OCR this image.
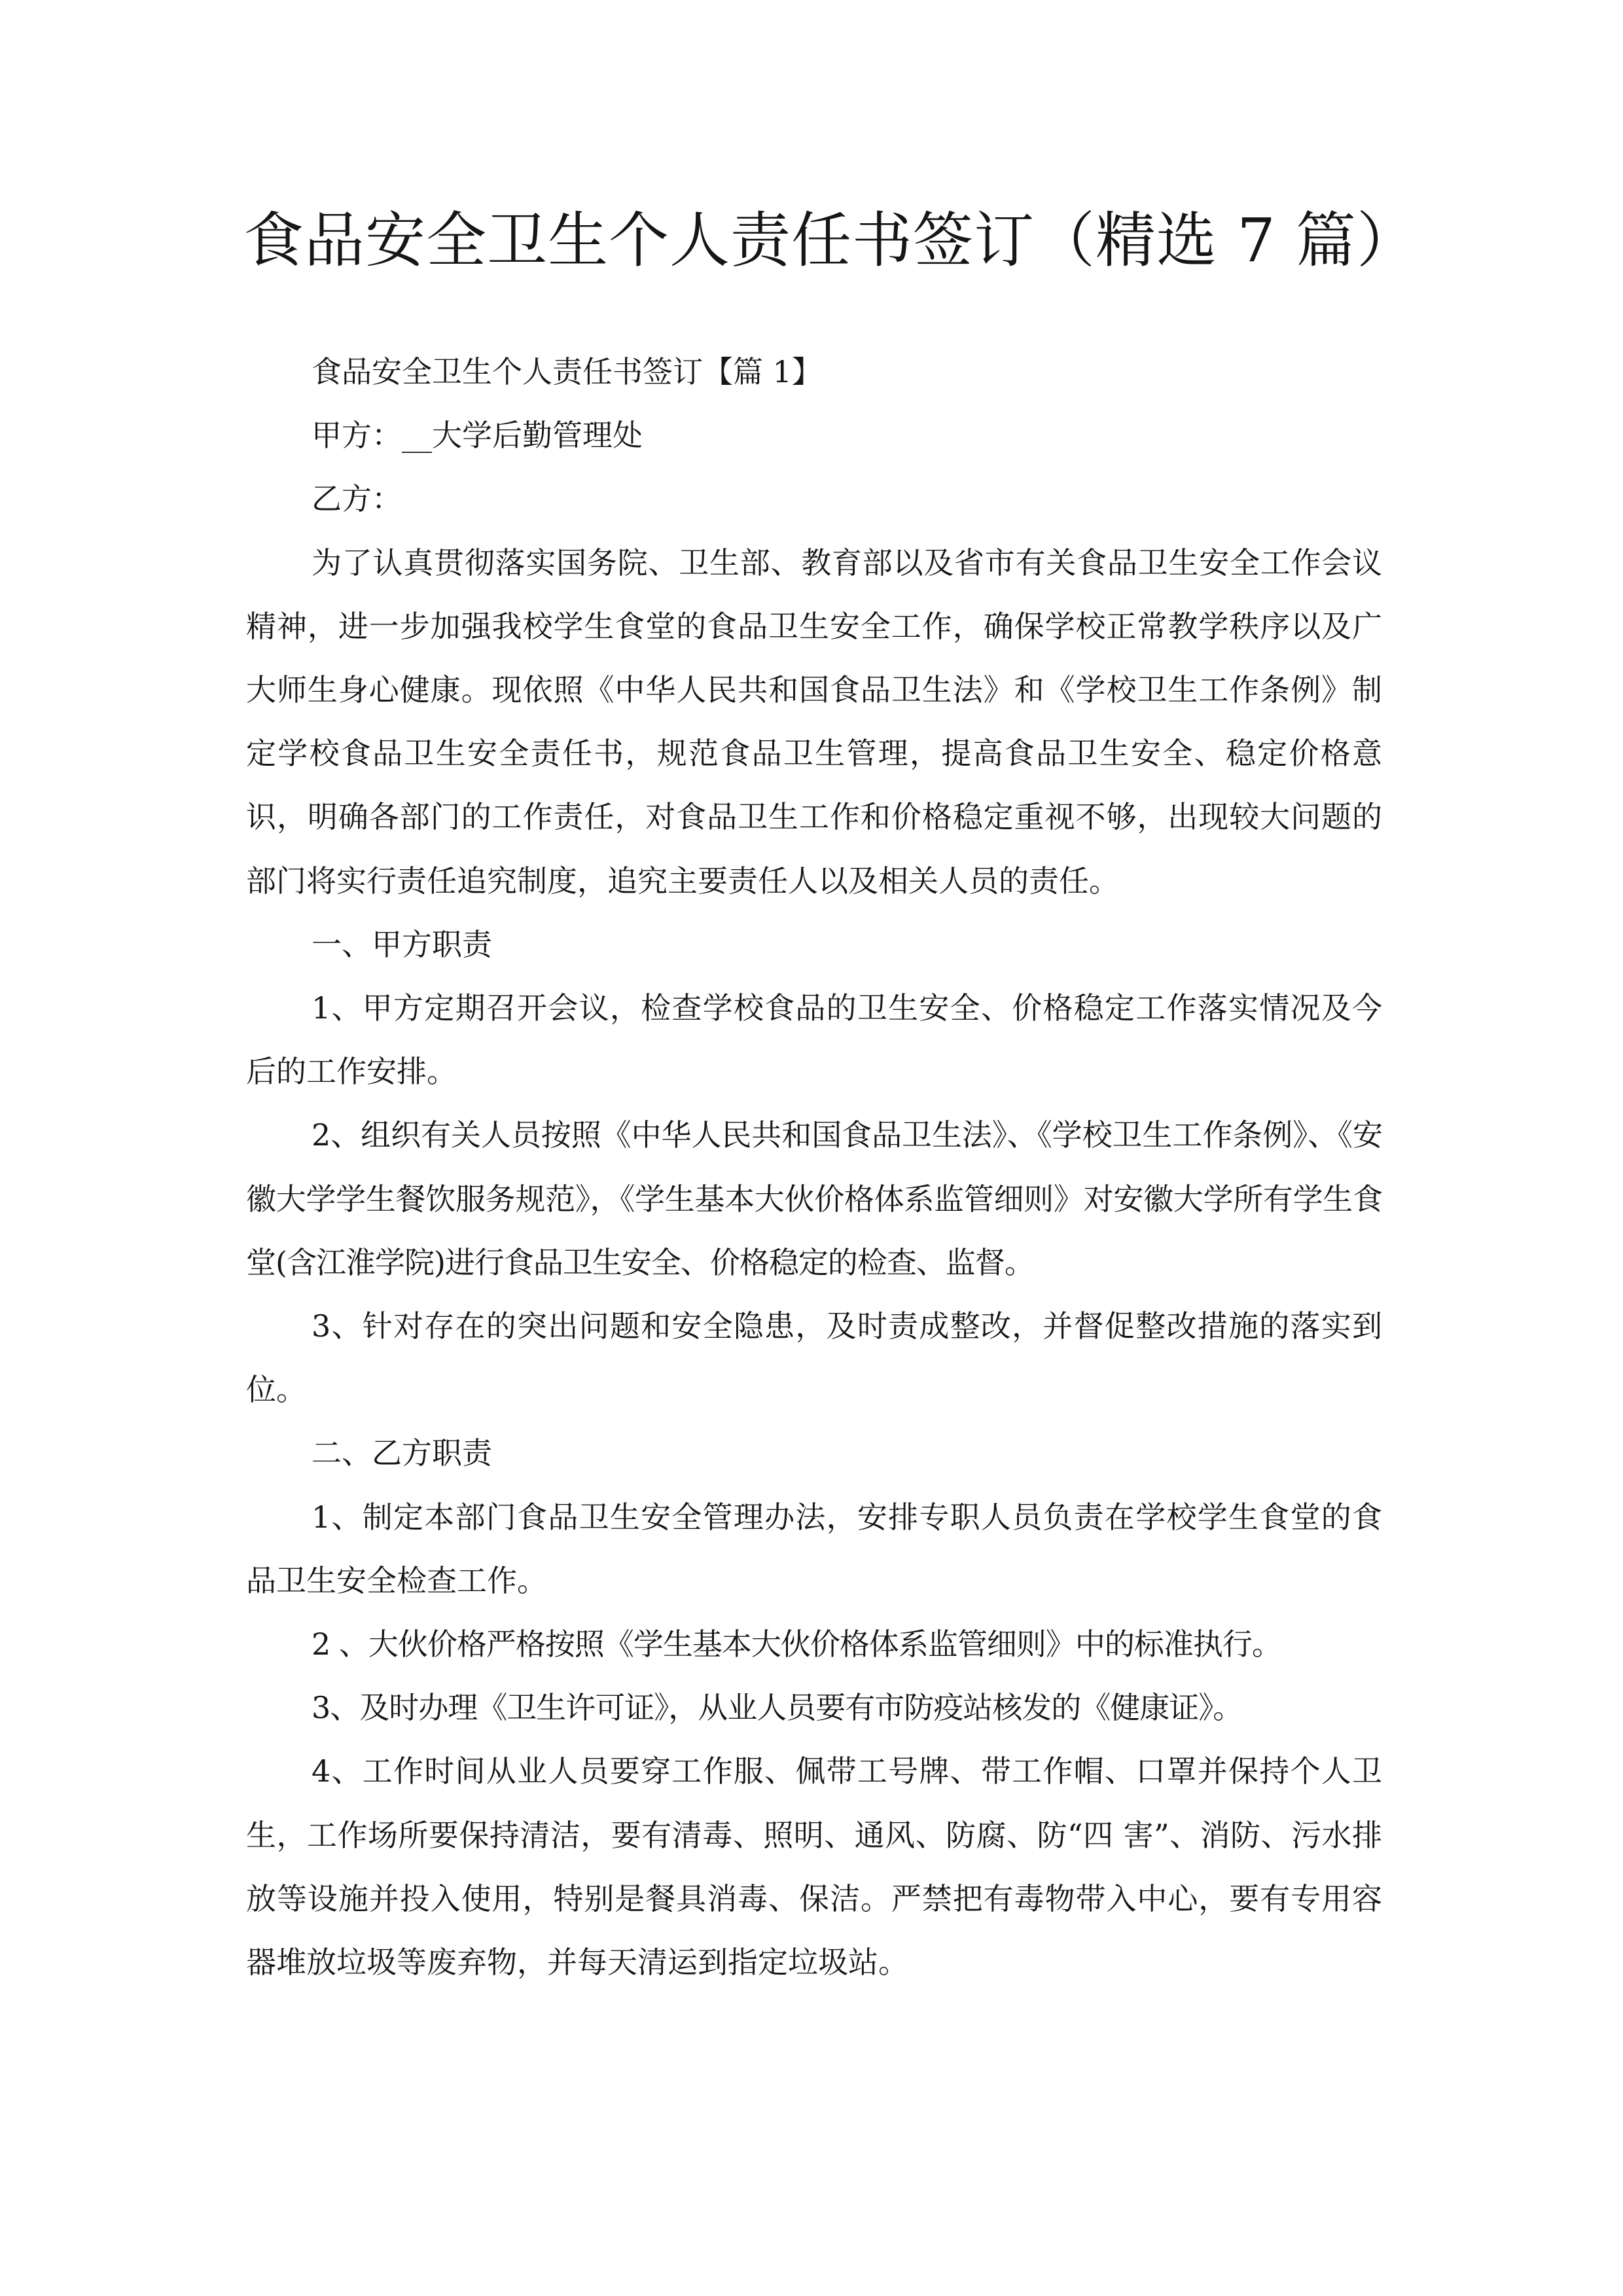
食品安全卫生个人责任书签订（精选 7 篇）

食品安全卫生个人责任书签订【篇 1】

甲方：__大学后勤管理处

乙方：

为了认真贯彻落实国务院、卫生部、教育部以及省市有关食品卫生安全工作会议精神，进一步加强我校学生食堂的食品卫生安全工作，确保学校正常教学秩序以及广大师生身心健康。现依照《中华人民共和国食品卫生法》和《学校卫生工作条例》制定学校食品卫生安全责任书，规范食品卫生管理，提高食品卫生安全、稳定价格意识，明确各部门的工作责任，对食品卫生工作和价格稳定重视不够，出现较大问题的部门将实行责任追究制度，追究主要责任人以及相关人员的责任。

一、甲方职责

1、甲方定期召开会议，检查学校食品的卫生安全、价格稳定工作落实情况及今后的工作安排。

2、组织有关人员按照《中华人民共和国食品卫生法》、《学校卫生工作条例》、《安徽大学学生餐饮服务规范》，《学生基本大伙价格体系监管细则》对安徽大学所有学生食堂(含江淮学院)进行食品卫生安全、价格稳定的检查、监督。

3、针对存在的突出问题和安全隐患，及时责成整改，并督促整改措施的落实到位。

二、乙方职责

1、制定本部门食品卫生安全管理办法，安排专职人员负责在学校学生食堂的食品卫生安全检查工作。

2 、大伙价格严格按照《学生基本大伙价格体系监管细则》中的标准执行。

3、及时办理《卫生许可证》，从业人员要有市防疫站核发的《健康证》。

4、工作时间从业人员要穿工作服、佩带工号牌、带工作帽、口罩并保持个人卫生，工作场所要保持清洁，要有清毒、照明、通风、防腐、防“四 害”、消防、污水排放等设施并投入使用，特别是餐具消毒、保洁。严禁把有毒物带入中心，要有专用容器堆放垃圾等废弃物，并每天清运到指定垃圾站。
